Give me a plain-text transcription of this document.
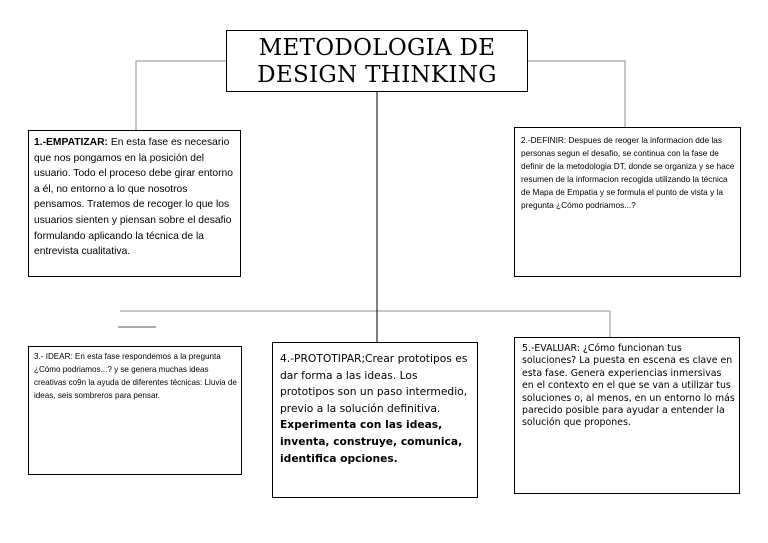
METODOLOGIA DE
DESIGN THINKING
1.-EMPATIZAR: En esta fase es necesario que nos pongamos en la posición del usuario. Todo el proceso debe girar entorno a él, no entorno a lo que nosotros pensamos. Tratemos de recoger lo que los usuarios sienten y piensan sobre el desafio formulando aplicando la técnica de la entrevista cualitativa.
2.-DEFINIR: Despues de reoger la informacion dde las personas segun el desafio, se continua con la fase de definir de la metodologia DT, donde se organiza y se hace resumen de la informacion recogida utilizando la técnica de Mapa de Empatia y se formula el punto de vista y la pregunta ¿Cómo podriamos...?
3.- IDEAR: En esta fase respondemos a la pregunta ¿Cómo podriamos...? y se genera muchas ideas creativas co9n la ayuda de diferentes técnicas: Lluvia de ideas, seis sombreros para pensar.
4.-PROTOTIPAR;Crear prototipos es dar forma a las ideas. Los prototipos son un paso intermedio, previo a la solución definitiva. Experimenta con las ideas, inventa, construye, comunica, identifica opciones.
5.-EVALUAR: ¿Cómo funcionan tus soluciones? La puesta en escena es clave en esta fase. Genera experiencias inmersivas en el contexto en el que se van a utilizar tus soluciones o, al menos, en un entorno lo más parecido posible para ayudar a entender la solución que propones.
